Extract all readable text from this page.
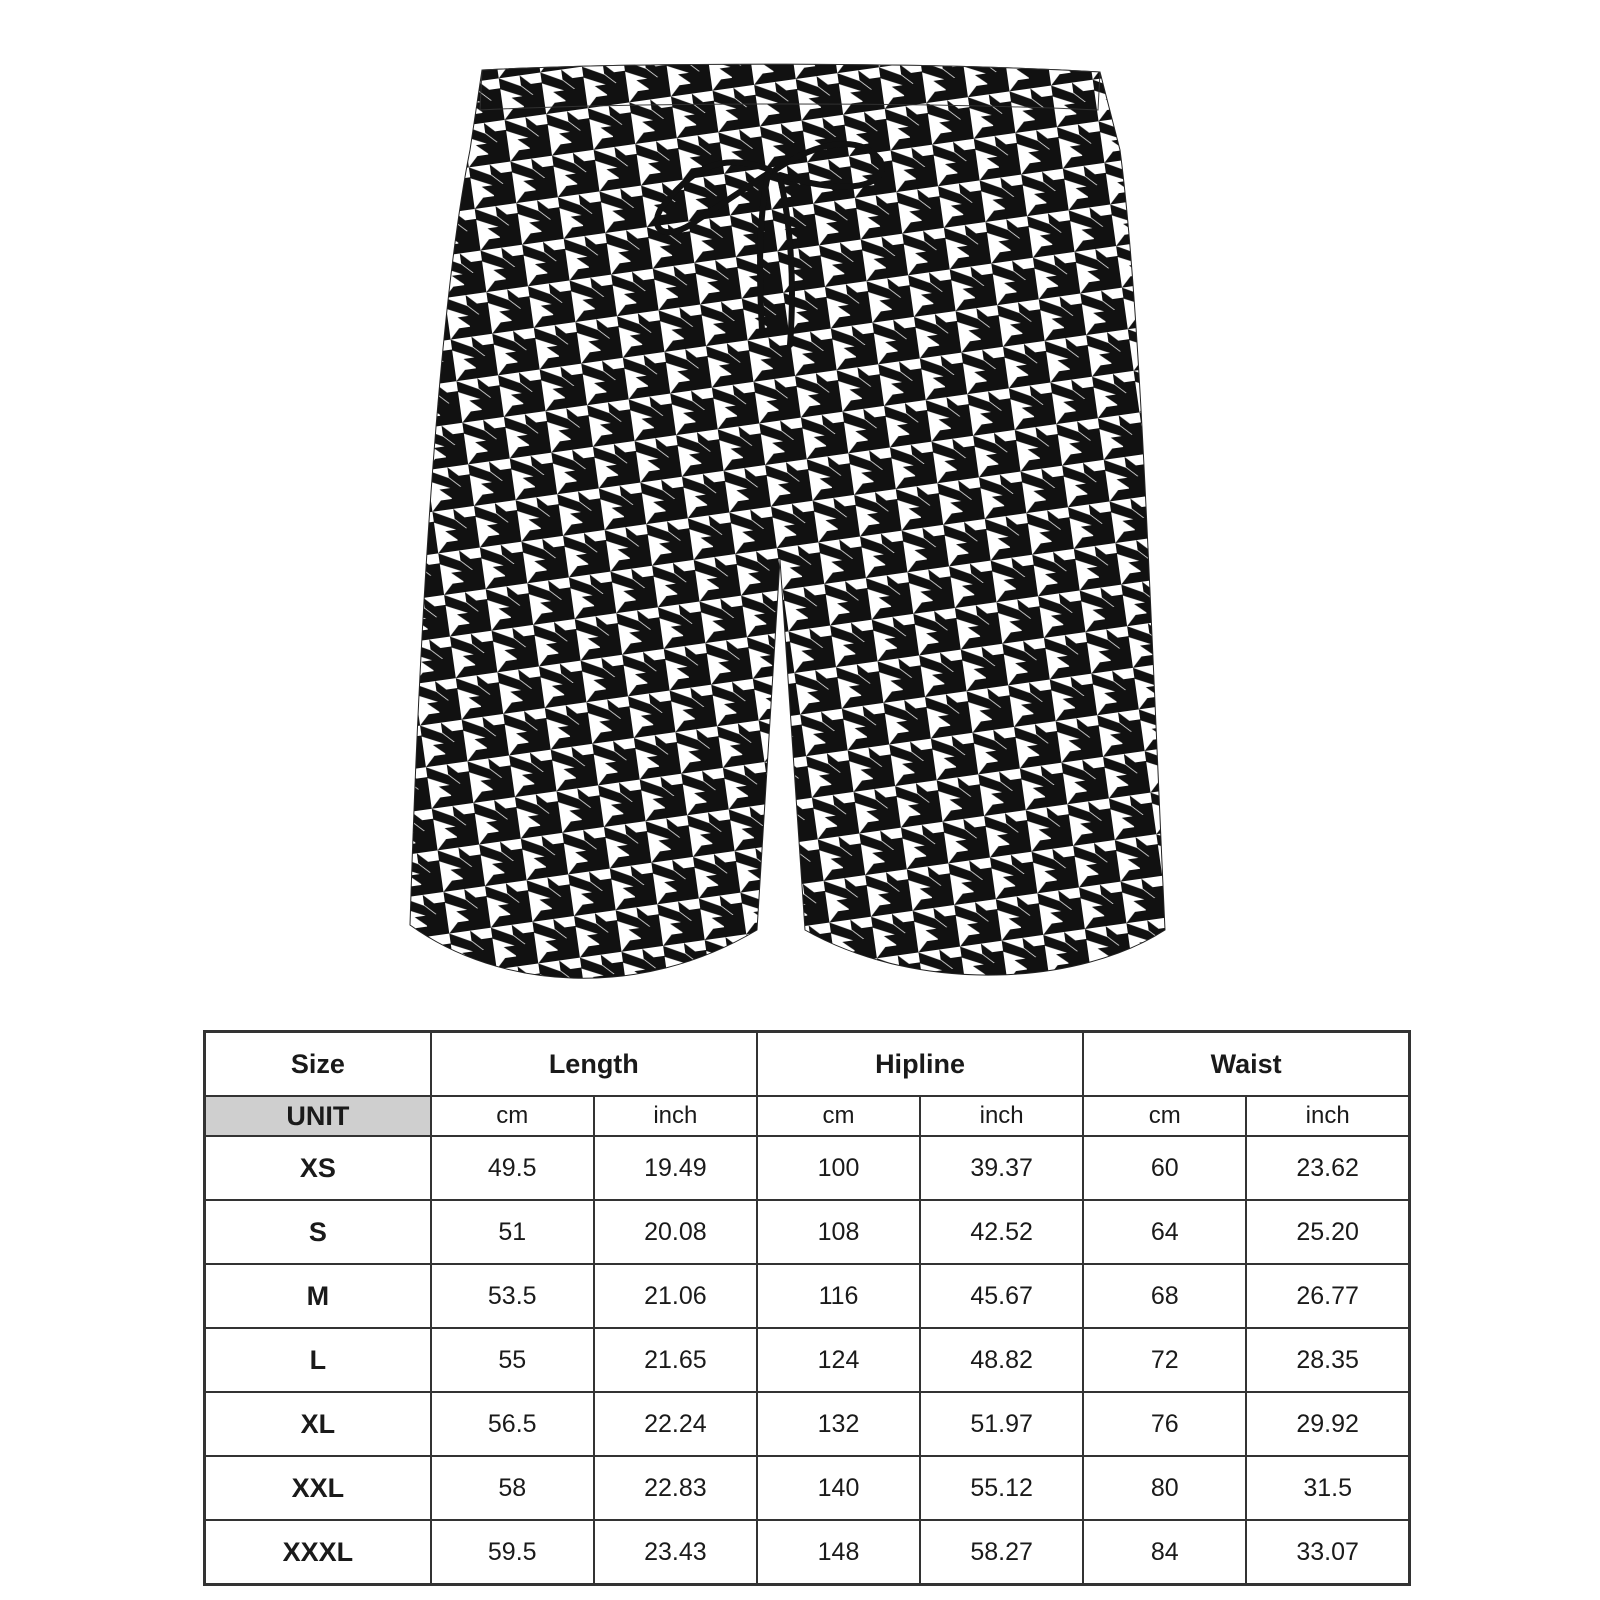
Size	Length		Hipline		Waist	
UNIT	cm	inch	cm	inch	cm	inch
XS	49.5	19.49	100	39.37	60	23.62
S	51	20.08	108	42.52	64	25.20
M	53.5	21.06	116	45.67	68	26.77
L	55	21.65	124	48.82	72	28.35
XL	56.5	22.24	132	51.97	76	29.92
XXL	58	22.83	140	55.12	80	31.5
XXXL	59.5	23.43	148	58.27	84	33.07
